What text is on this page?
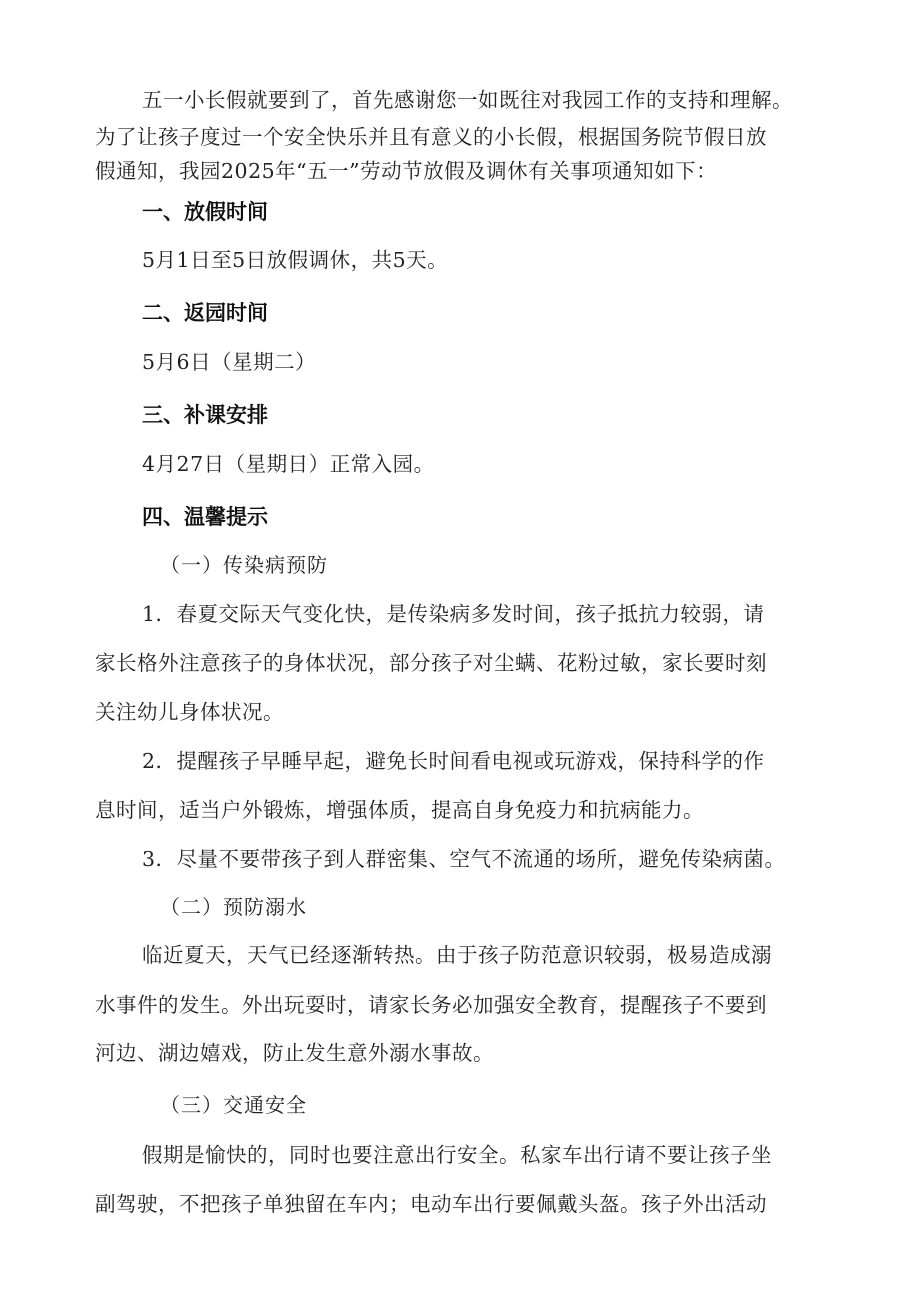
五一小长假就要到了，首先感谢您一如既往对我园工作的支持和理解。
为了让孩子度过一个安全快乐并且有意义的小长假，根据国务院节假日放
假通知，我园2025年“五一”劳动节放假及调休有关事项通知如下：
一、放假时间
5月1日至5日放假调休，共5天。
二、返园时间
5月6日（星期二）
三、补课安排
4月27日（星期日）正常入园。
四、温馨提示
（一）传染病预防
1．春夏交际天气变化快，是传染病多发时间，孩子抵抗力较弱，请
家长格外注意孩子的身体状况，部分孩子对尘螨、花粉过敏，家长要时刻
关注幼儿身体状况。
2．提醒孩子早睡早起，避免长时间看电视或玩游戏，保持科学的作
息时间，适当户外锻炼，增强体质，提高自身免疫力和抗病能力。
3．尽量不要带孩子到人群密集、空气不流通的场所，避免传染病菌。
（二）预防溺水
临近夏天，天气已经逐渐转热。由于孩子防范意识较弱，极易造成溺
水事件的发生。外出玩耍时，请家长务必加强安全教育，提醒孩子不要到
河边、湖边嬉戏，防止发生意外溺水事故。
（三）交通安全
假期是愉快的，同时也要注意出行安全。私家车出行请不要让孩子坐
副驾驶，不把孩子单独留在车内；电动车出行要佩戴头盔。孩子外出活动
